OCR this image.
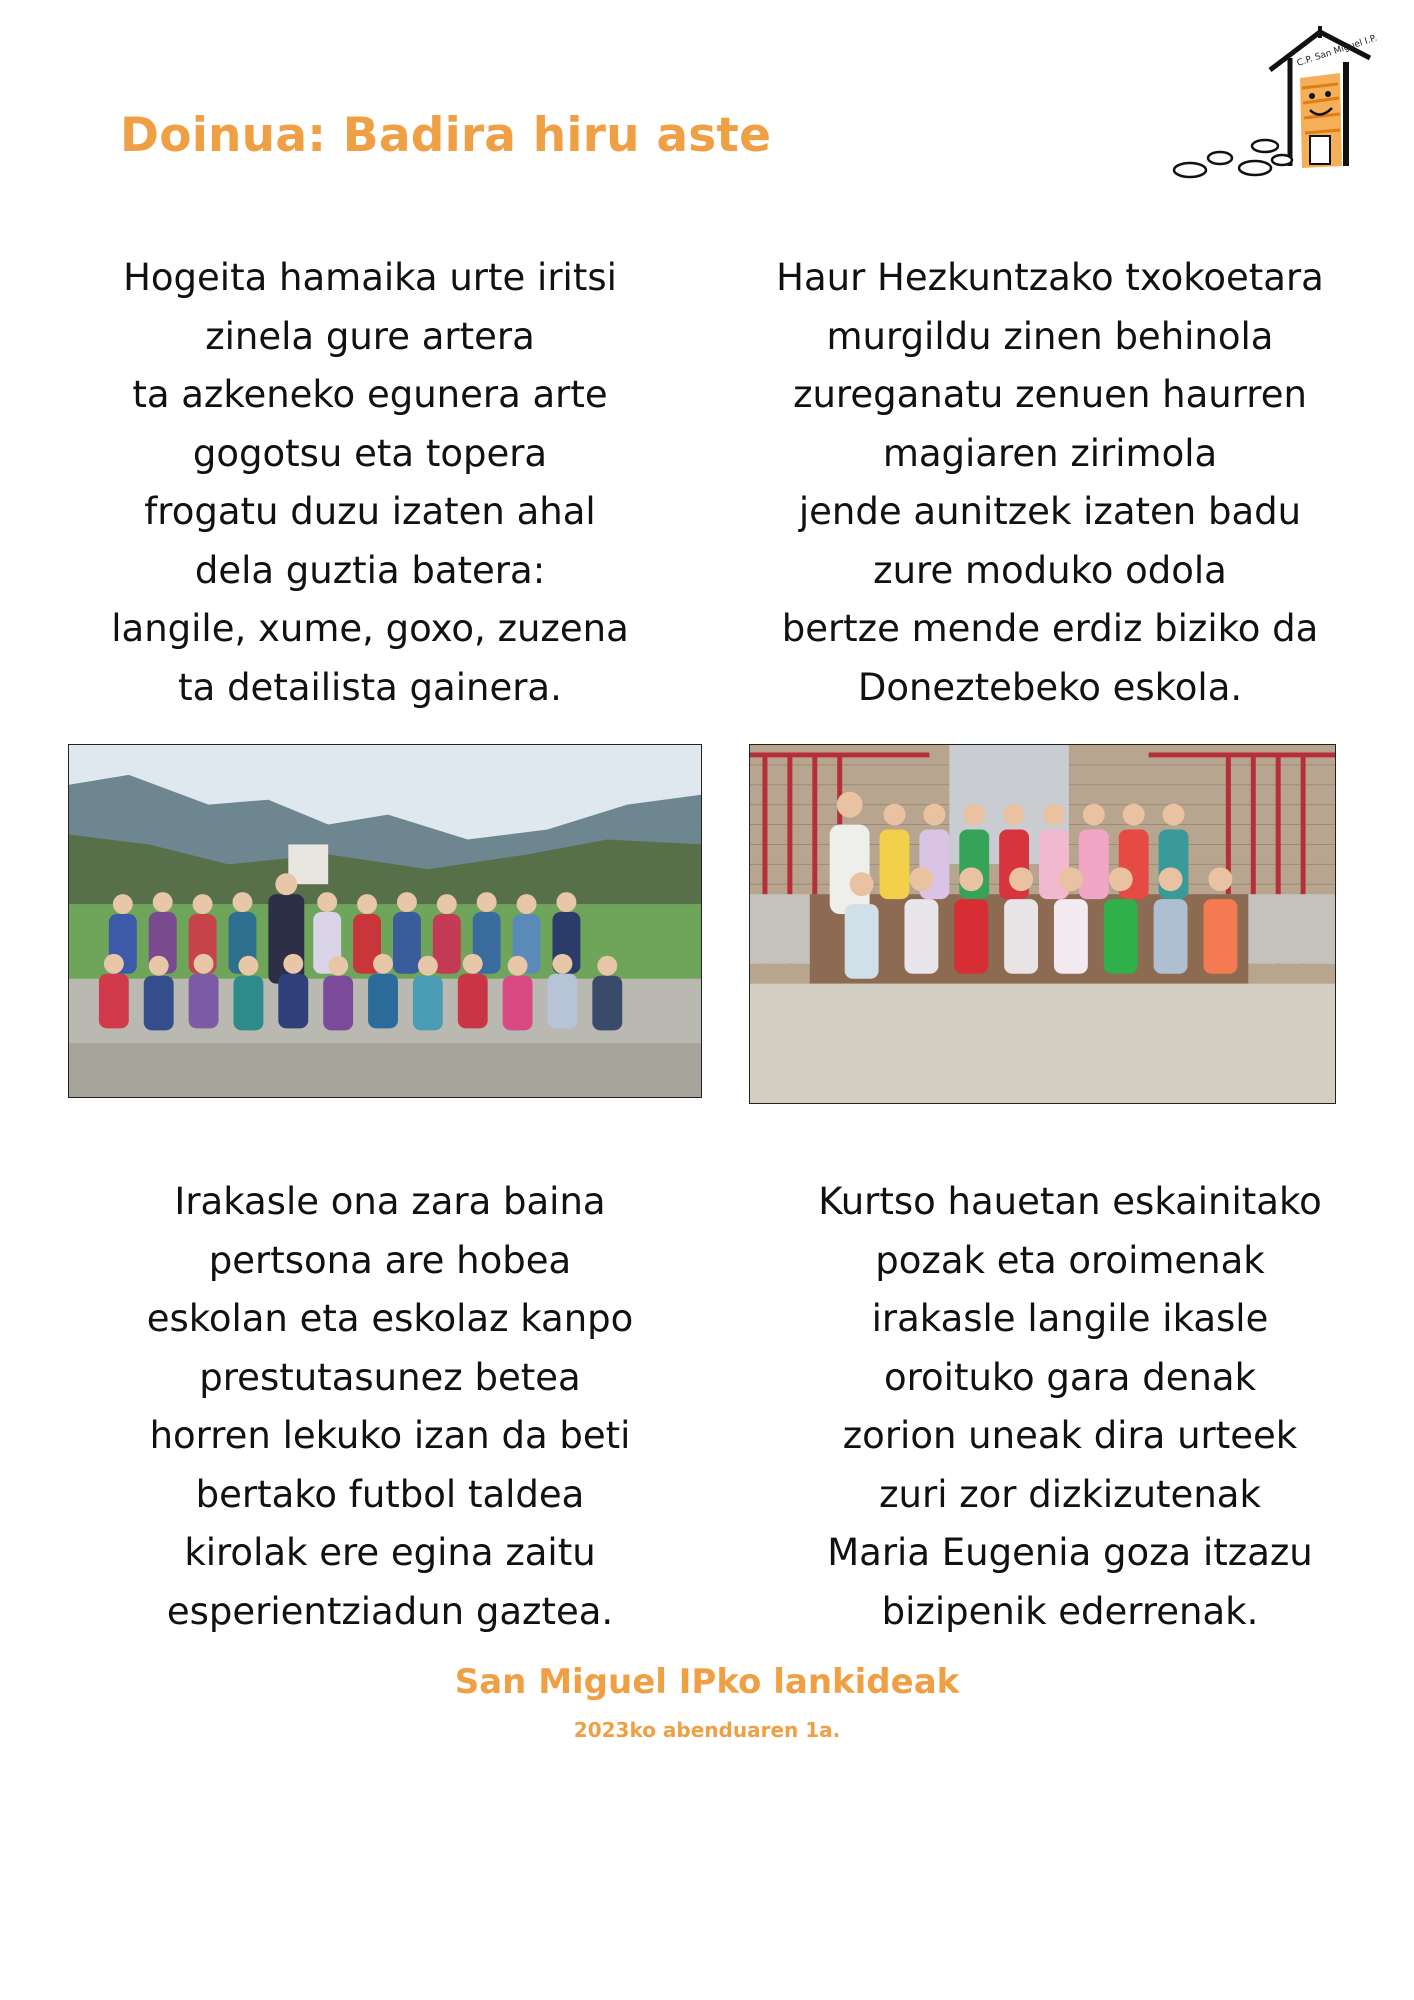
Doinua: Badira hiru aste
C.P. San Miguel I.P.
Hogeita hamaika urte iritsi
zinela gure artera
ta azkeneko egunera arte
gogotsu eta topera
frogatu duzu izaten ahal
dela guztia batera:
langile, xume, goxo, zuzena
ta detailista gainera.
Haur Hezkuntzako txokoetara
murgildu zinen behinola
zureganatu zenuen haurren
magiaren zirimola
jende aunitzek izaten badu
zure moduko odola
bertze mende erdiz biziko da
Doneztebeko eskola.
Irakasle ona zara baina
pertsona are hobea
eskolan eta eskolaz kanpo
prestutasunez betea
horren lekuko izan da beti
bertako futbol taldea
kirolak ere egina zaitu
esperientziadun gaztea.
Kurtso hauetan eskainitako
pozak eta oroimenak
irakasle langile ikasle
oroituko gara denak
zorion uneak dira urteek
zuri zor dizkizutenak
Maria Eugenia goza itzazu
bizipenik ederrenak.
San Miguel IPko lankideak
2023ko abenduaren 1a.
